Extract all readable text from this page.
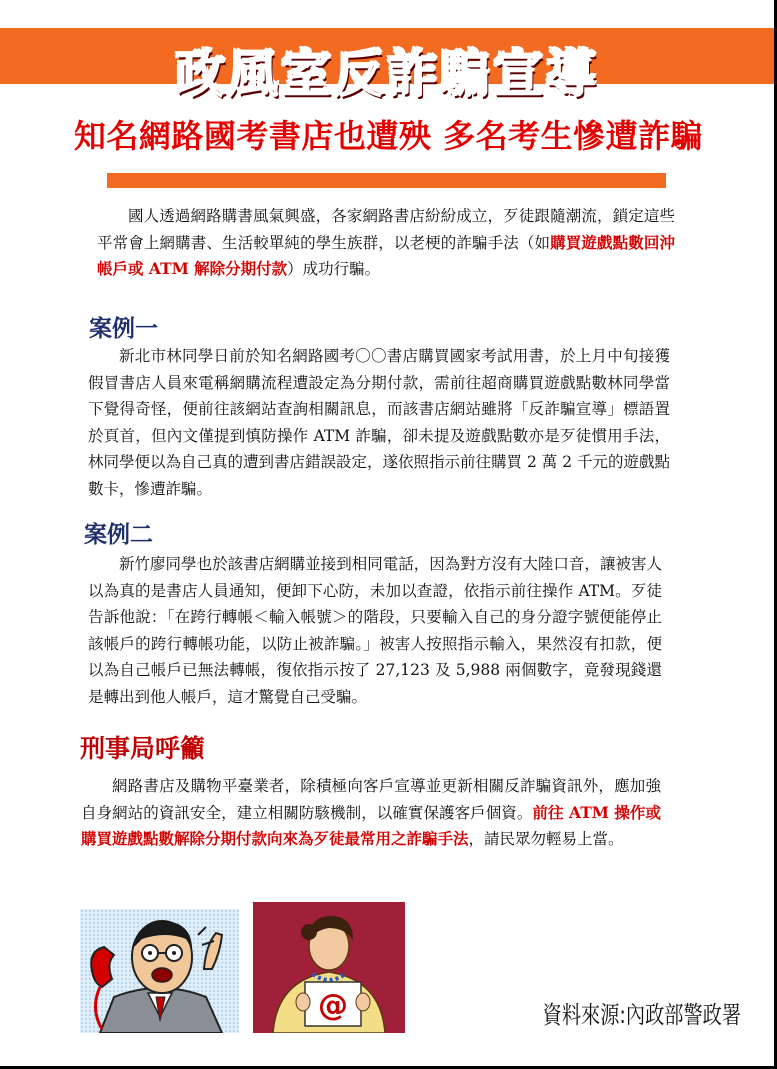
政風室反詐騙宣導
知名網路國考書店也遭殃 多名考生慘遭詐騙

國人透過網路購書風氣興盛，各家網路書店紛紛成立，歹徒跟隨潮流，鎖定這些平常會上網購書、生活較單純的學生族群，以老梗的詐騙手法（如購買遊戲點數回沖帳戶或 ATM 解除分期付款）成功行騙。

案例一

新北市林同學日前於知名網路國考〇〇書店購買國家考試用書，於上月中旬接獲假冒書店人員來電稱網購流程遭設定為分期付款，需前往超商購買遊戲點數林同學當下覺得奇怪，便前往該網站查詢相關訊息，而該書店網站雖將「反詐騙宣導」標語置於頁首，但內文僅提到慎防操作 ATM 詐騙，卻未提及遊戲點數亦是歹徒慣用手法，林同學便以為自己真的遭到書店錯誤設定，遂依照指示前往購買 2 萬 2 千元的遊戲點數卡，慘遭詐騙。

案例二

新竹廖同學也於該書店網購並接到相同電話，因為對方沒有大陸口音，讓被害人以為真的是書店人員通知，便卸下心防，未加以查證，依指示前往操作 ATM。歹徒告訴他說：「在跨行轉帳＜輸入帳號＞的階段，只要輸入自己的身分證字號便能停止該帳戶的跨行轉帳功能，以防止被詐騙。」被害人按照指示輸入，果然沒有扣款，便以為自己帳戶已無法轉帳，復依指示按了 27,123 及 5,988 兩個數字，竟發現錢還是轉出到他人帳戶，這才驚覺自己受騙。

刑事局呼籲

網路書店及購物平臺業者，除積極向客戶宣導並更新相關反詐騙資訊外，應加強自身網站的資訊安全，建立相關防駭機制，以確實保護客戶個資。前往 ATM 操作或購買遊戲點數解除分期付款向來為歹徒最常用之詐騙手法，請民眾勿輕易上當。

@	資料來源:內政部警政署
